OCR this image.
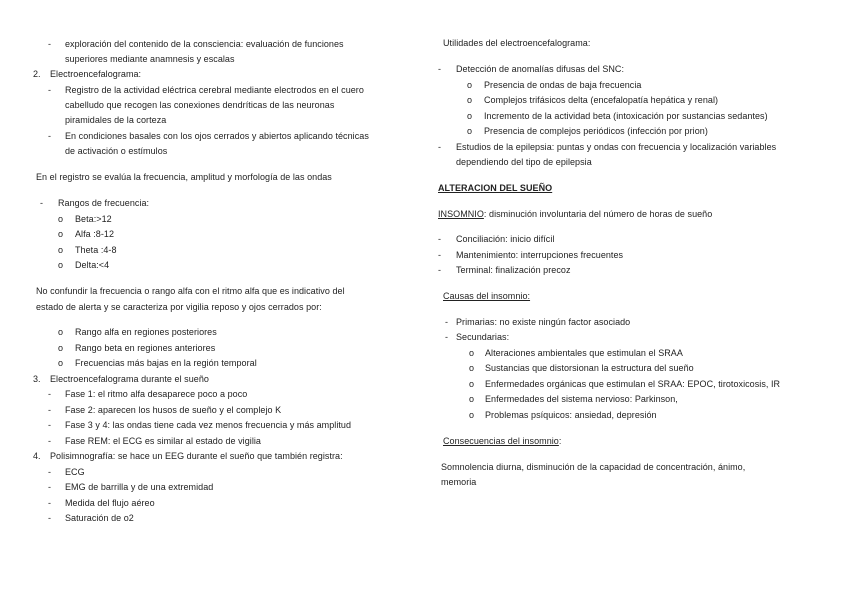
- exploración del contenido de la consciencia: evaluación de funciones
superiores mediante anamnesis y escalas
2. Electroencefalograma:
- Registro de la actividad eléctrica cerebral mediante electrodos en el cuero
cabelludo que recogen las conexiones dendríticas de las neuronas
piramidales de la corteza
- En condiciones basales con los ojos cerrados y abiertos aplicando técnicas
de activación o estímulos
En el registro se evalúa la frecuencia, amplitud y morfología de las ondas
- Rangos de frecuencia:
o Beta:>12
o Alfa :8-12
o Theta :4-8
o Delta:<4
No confundir la frecuencia o rango alfa con el ritmo alfa que es indicativo del
estado de alerta y se caracteriza por vigilia reposo y ojos cerrados por:
o Rango alfa en regiones posteriores
o Rango beta en regiones anteriores
o Frecuencias más bajas en la región temporal
3. Electroencefalograma durante el sueño
- Fase 1: el ritmo alfa desaparece poco a poco
- Fase 2: aparecen los husos de sueño y el complejo K
- Fase 3 y 4: las ondas tiene cada vez menos frecuencia y más amplitud
- Fase REM: el ECG es similar al estado de vigilia
4. Polisimnografía: se hace un EEG durante el sueño que también registra:
- ECG
- EMG de barrilla y de una extremidad
- Medida del flujo aéreo
- Saturación de o2
Utilidades del electroencefalograma:
- Detección de anomalías difusas del SNC:
o Presencia de ondas de baja frecuencia
o Complejos trifásicos delta (encefalopatía hepática y renal)
o Incremento de la actividad beta (intoxicación por sustancias sedantes)
o Presencia de complejos periódicos (infección por prion)
- Estudios de la epilepsia: puntas y ondas con frecuencia y localización variables
dependiendo del tipo de epilepsia
ALTERACION DEL SUEÑO
INSOMNIO: disminución involuntaria del número de horas de sueño
- Conciliación: inicio difícil
- Mantenimiento: interrupciones frecuentes
- Terminal: finalización precoz
Causas del insomnio:
- Primarias: no existe ningún factor asociado
- Secundarias:
o Alteraciones ambientales que estimulan el SRAA
o Sustancias que distorsionan la estructura del sueño
o Enfermedades orgánicas que estimulan el SRAA: EPOC, tirotoxicosis, IR
o Enfermedades del sistema nervioso: Parkinson,
o Problemas psíquicos: ansiedad, depresión
Consecuencias del insomnio:
Somnolencia diurna, disminución de la capacidad de concentración, ánimo,
memoria
